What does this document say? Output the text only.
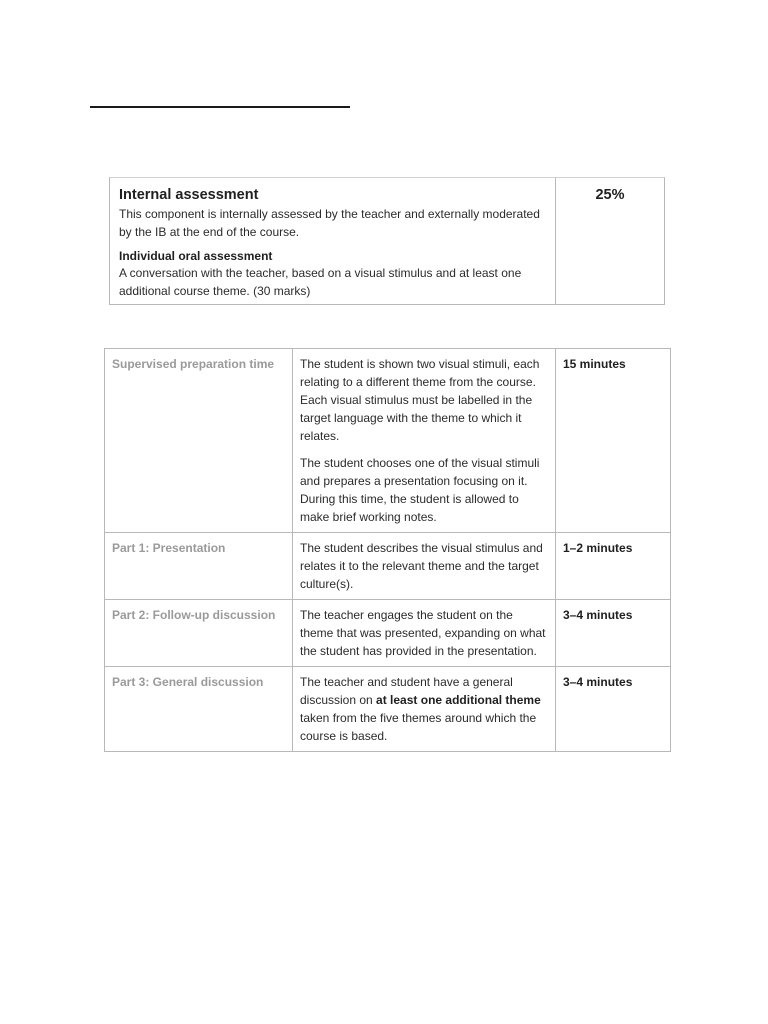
Internal assessment

This component is internally assessed by the teacher and externally moderated by the IB at the end of the course.

Individual oral assessment

A conversation with the teacher, based on a visual stimulus and at least one additional course theme. (30 marks)

25%
Supervised preparation time	The student is shown two visual stimuli, each relating to a different theme from the course. Each visual stimulus must be labelled in the target language with the theme to which it relates.

The student chooses one of the visual stimuli and prepares a presentation focusing on it. During this time, the student is allowed to make brief working notes.	15 minutes
Part 1: Presentation	The student describes the visual stimulus and relates it to the relevant theme and the target culture(s).	1–2 minutes
Part 2: Follow-up discussion	The teacher engages the student on the theme that was presented, expanding on what the student has provided in the presentation.	3–4 minutes
Part 3: General discussion	The teacher and student have a general discussion on at least one additional theme taken from the five themes around which the course is based.	3–4 minutes
